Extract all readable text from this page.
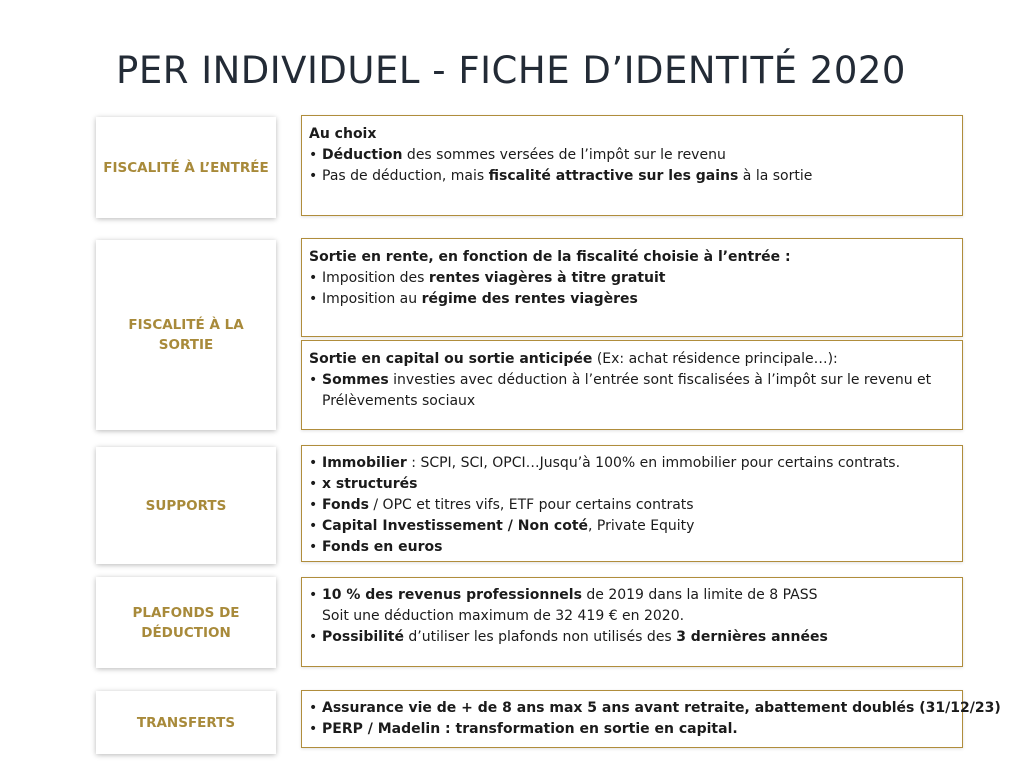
PER INDIVIDUEL - FICHE D’IDENTITÉ 2020
FISCALITÉ À L’ENTRÉE
Au choix
• Déduction des sommes versées de l’impôt sur le revenu
• Pas de déduction, mais fiscalité attractive sur les gains à la sortie
FISCALITÉ À LA SORTIE
Sortie en rente, en fonction de la fiscalité choisie à l’entrée :
• Imposition des rentes viagères à titre gratuit
• Imposition au régime des rentes viagères
Sortie en capital ou sortie anticipée (Ex: achat résidence principale…):
• Sommes investies avec déduction à l’entrée sont fiscalisées à l’impôt sur le revenu et Prélèvements sociaux
SUPPORTS
• Immobilier : SCPI, SCI, OPCI…Jusqu’à 100% en immobilier pour certains contrats.
• x structurés
• Fonds / OPC et titres vifs, ETF pour certains contrats
• Capital Investissement / Non coté, Private Equity
• Fonds en euros
PLAFONDS DE
DÉDUCTION
• 10 % des revenus professionnels de 2019 dans la limite de 8 PASS
Soit une déduction maximum de 32 419 € en 2020.
• Possibilité d’utiliser les plafonds non utilisés des 3 dernières années
TRANSFERTS
• Assurance vie de + de 8 ans max 5 ans avant retraite, abattement doublés (31/12/23)
• PERP / Madelin : transformation en sortie en capital.
